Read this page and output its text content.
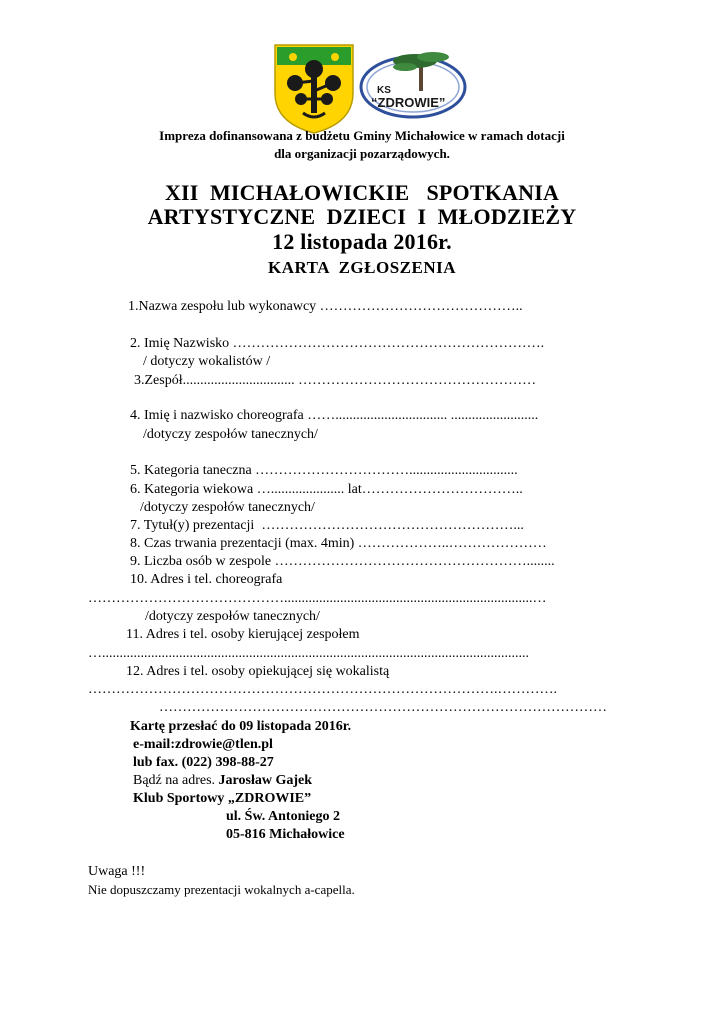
KS
“ZDROWIE”
Impreza dofinansowana z budżetu Gminy Michałowice w ramach dotacji
dla organizacji pozarządowych.
XII  MICHAŁOWICKIE   SPOTKANIA
ARTYSTYCZNE  DZIECI  I  MŁODZIEŻY
12 listopada 2016r.
KARTA  ZGŁOSZENIA
1.Nazwa zespołu lub wykonawcy ……………………………………..
2. Imię Nazwisko ………………………………………………………….
/ dotyczy wokalistów /
3.Zespół................................ ……………………………………………
4. Imię i nazwisko choreografa ……................................ .........................
/dotyczy zespołów tanecznych/
5. Kategoria taneczna ……………………………...............................
6. Kategoria wiekowa …..................... lat……………………………..
/dotyczy zespołów tanecznych/
7. Tytuł(y) prezentacji  ………………………………………………...
8. Czas trwania prezentacji (max. 4min) ………………..…………………
9. Liczba osób w zespole ………………………………………………........
10. Adres i tel. choreografa
…………………………………….......................................................................…
/dotyczy zespołów tanecznych/
11. Adres i tel. osoby kierującej zespołem
…..........................................................................................................................
12. Adres i tel. osoby opiekującej się wokalistą
…………………………………………………………………………….………….
……………………………………………………………………………………
Kartę przesłać do 09 listopada 2016r.
e-mail:zdrowie@tlen.pl
lub fax. (022) 398-88-27
Bądź na adres. Jarosław Gajek
Klub Sportowy „ZDROWIE”
ul. Św. Antoniego 2
05-816 Michałowice
Uwaga !!!
Nie dopuszczamy prezentacji wokalnych a-capella.
